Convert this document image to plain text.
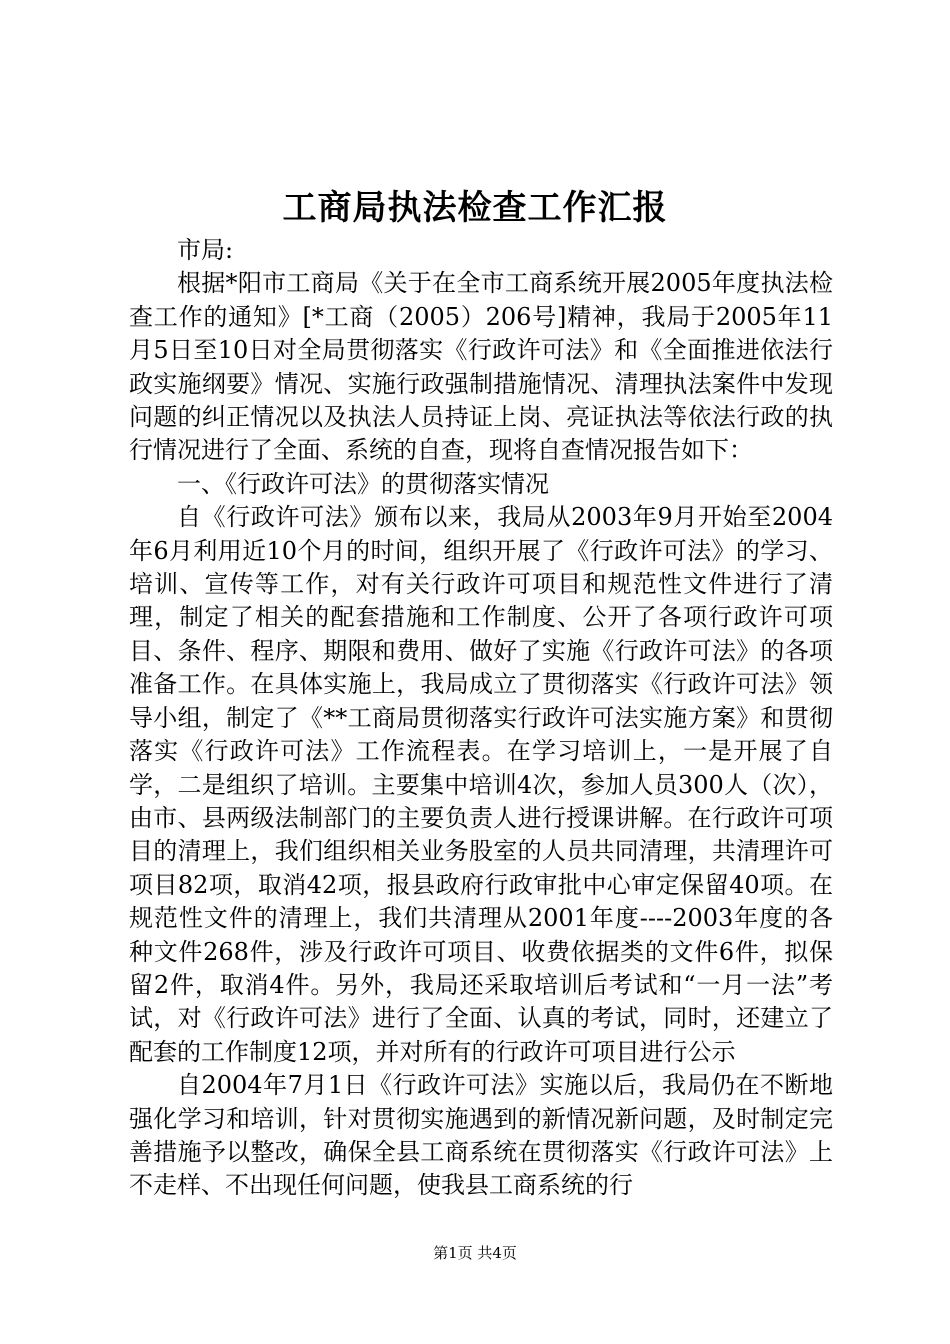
工商局执法检查工作汇报

市局:

根据*阳市工商局《关于在全市工商系统开展2005年度执法检查工作的通知》[*工商（2005）206号]精神，我局于2005年11月5日至10日对全局贯彻落实《行政许可法》和《全面推进依法行政实施纲要》情况、实施行政强制措施情况、清理执法案件中发现问题的纠正情况以及执法人员持证上岗、亮证执法等依法行政的执行情况进行了全面、系统的自查，现将自查情况报告如下：

一、《行政许可法》的贯彻落实情况

自《行政许可法》颁布以来，我局从2003年9月开始至2004年6月利用近10个月的时间，组织开展了《行政许可法》的学习、培训、宣传等工作，对有关行政许可项目和规范性文件进行了清理，制定了相关的配套措施和工作制度、公开了各项行政许可项目、条件、程序、期限和费用、做好了实施《行政许可法》的各项准备工作。在具体实施上，我局成立了贯彻落实《行政许可法》领导小组，制定了《**工商局贯彻落实行政许可法实施方案》和贯彻落实《行政许可法》工作流程表。在学习培训上，一是开展了自学，二是组织了培训。主要集中培训4次，参加人员300人（次），由市、县两级法制部门的主要负责人进行授课讲解。在行政许可项目的清理上，我们组织相关业务股室的人员共同清理，共清理许可项目82项，取消42项，报县政府行政审批中心审定保留40项。在规范性文件的清理上，我们共清理从2001年度----2003年度的各种文件268件，涉及行政许可项目、收费依据类的文件6件，拟保留2件，取消4件。另外，我局还采取培训后考试和“一月一法”考试，对《行政许可法》进行了全面、认真的考试，同时，还建立了配套的工作制度12项，并对所有的行政许可项目进行公示

自2004年7月1日《行政许可法》实施以后，我局仍在不断地强化学习和培训，针对贯彻实施遇到的新情况新问题，及时制定完善措施予以整改，确保全县工商系统在贯彻落实《行政许可法》上不走样、不出现任何问题，使我县工商系统的行

第1页 共4页
